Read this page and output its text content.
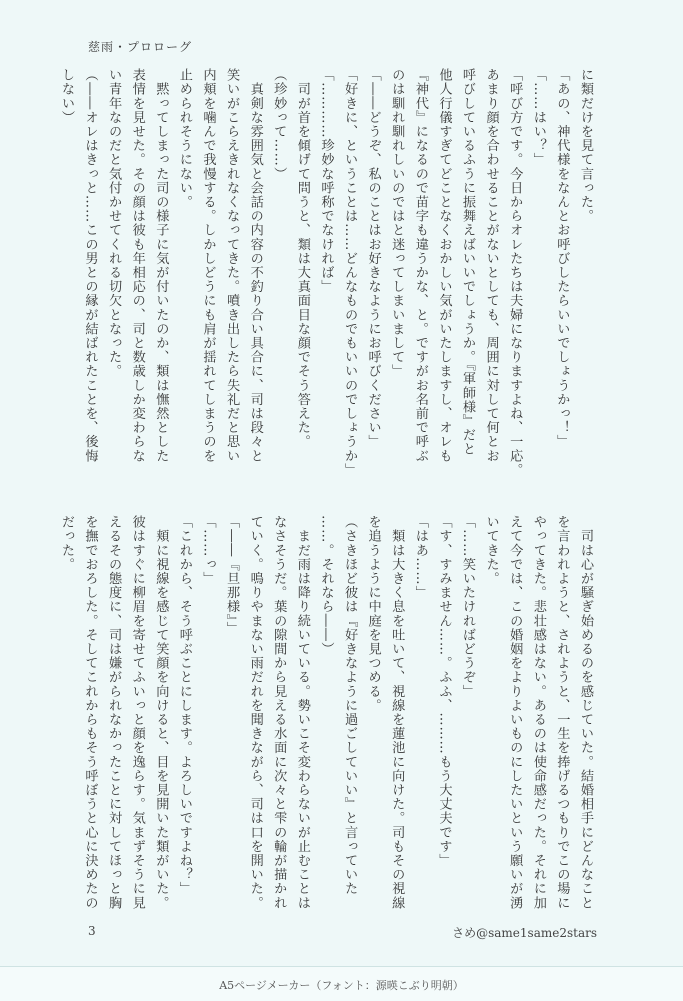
慈雨・プロローグ
に類だけを見て言った。
「あの、神代様をなんとお呼びしたらいいでしょうかっ！」
「……はい？」
「呼び方です。今日からオレたちは夫婦になりますよね、一応。
あまり顔を合わせることがないとしても、周囲に対して何とお
呼びしているふうに振舞えばいいでしょうか。『軍師様』だと
他人行儀すぎてどことなくおかしい気がいたしますし、オレも
『神代』になるので苗字も違うかな、と。ですがお名前で呼ぶ
のは馴れ馴れしいのではと迷ってしまいまして」
「――どうぞ、私のことはお好きなようにお呼びください」
「好きに、ということは……どんなものでもいいのでしょうか」
「…………珍妙な呼称でなければ」
　司が首を傾げて問うと、類は大真面目な顔でそう答えた。
（珍妙って……）
　真剣な雰囲気と会話の内容の不釣り合い具合に、司は段々と
笑いがこらえきれなくなってきた。噴き出したら失礼だと思い
内頬を噛んで我慢する。しかしどうにも肩が揺れてしまうのを
止められそうにない。
　黙ってしまった司の様子に気が付いたのか、類は憮然とした
表情を見せた。その顔は彼も年相応の、司と数歳しか変わらな
い青年なのだと気付かせてくれる切欠となった。
（――オレはきっと……この男との縁が結ばれたことを、後悔
しない）
　司は心が騒ぎ始めるのを感じていた。結婚相手にどんなこと
を言われようと、されようと、一生を捧げるつもりでこの場に
やってきた。悲壮感はない。あるのは使命感だった。それに加
えて今では、この婚姻をよりよいものにしたいという願いが湧
いてきた。
「……笑いたければどうぞ」
「す、すみません……。ふふ、………もう大丈夫です」
「はあ……」
　類は大きく息を吐いて、視線を蓮池に向けた。司もその視線
を追うように中庭を見つめる。
（さきほど彼は『好きなように過ごしていい』と言っていた
……。それなら――）
　まだ雨は降り続いている。勢いこそ変わらないが止むことは
なさそうだ。葉の隙間から見える水面に次々と雫の輪が描かれ
ていく。鳴りやまない雨だれを聞きながら、司は口を開いた。
「――『旦那様』」
「……っ」
「これから、そう呼ぶことにします。よろしいですよね？」
　頬に視線を感じて笑顔を向けると、目を見開いた類がいた。
彼はすぐに柳眉を寄せてふいっと顔を逸らす。気まずそうに見
えるその態度に、司は嫌がられなかったことに対してほっと胸
を撫でおろした。そしてこれからもそう呼ぼうと心に決めたの
だった。
3	さめ@same1same2stars
A5ページメーカー（フォント：源暎こぶり明朝）
